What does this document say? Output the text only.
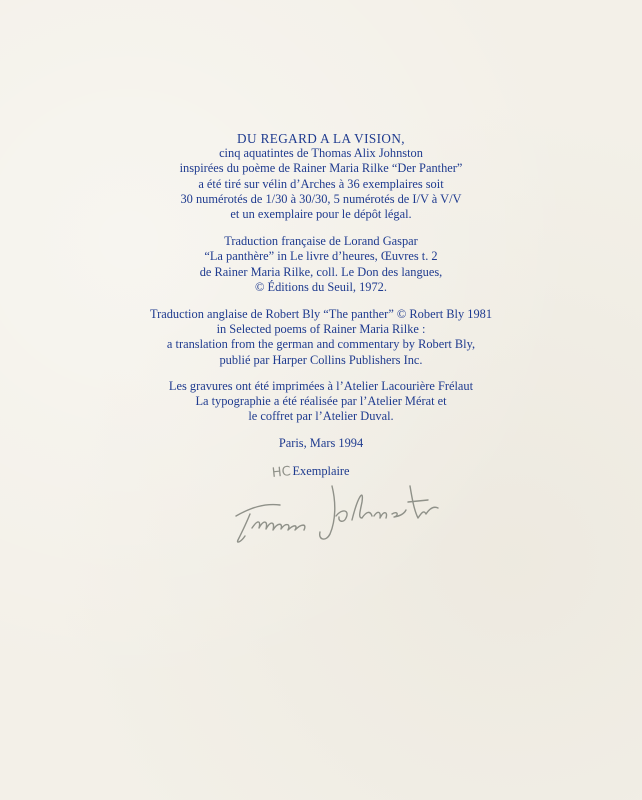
DU REGARD A LA VISION,
cinq aquatintes de Thomas Alix Johnston
inspirées du poème de Rainer Maria Rilke “Der Panther”
a été tiré sur vélin d’Arches à 36 exemplaires soit
30 numérotés de 1/30 à 30/30, 5 numérotés de I/V à V/V
et un exemplaire pour le dépôt légal.
Traduction française de Lorand Gaspar
“La panthère” in Le livre d’heures, Œuvres t. 2
de Rainer Maria Rilke, coll. Le Don des langues,
© Éditions du Seuil, 1972.
Traduction anglaise de Robert Bly “The panther” © Robert Bly 1981
in Selected poems of Rainer Maria Rilke :
a translation from the german and commentary by Robert Bly,
publié par Harper Collins Publishers Inc.
Les gravures ont été imprimées à l’Atelier Lacourière Frélaut
La typographie a été réalisée par l’Atelier Mérat et
le coffret par l’Atelier Duval.
Paris, Mars 1994
Exemplaire
HC
